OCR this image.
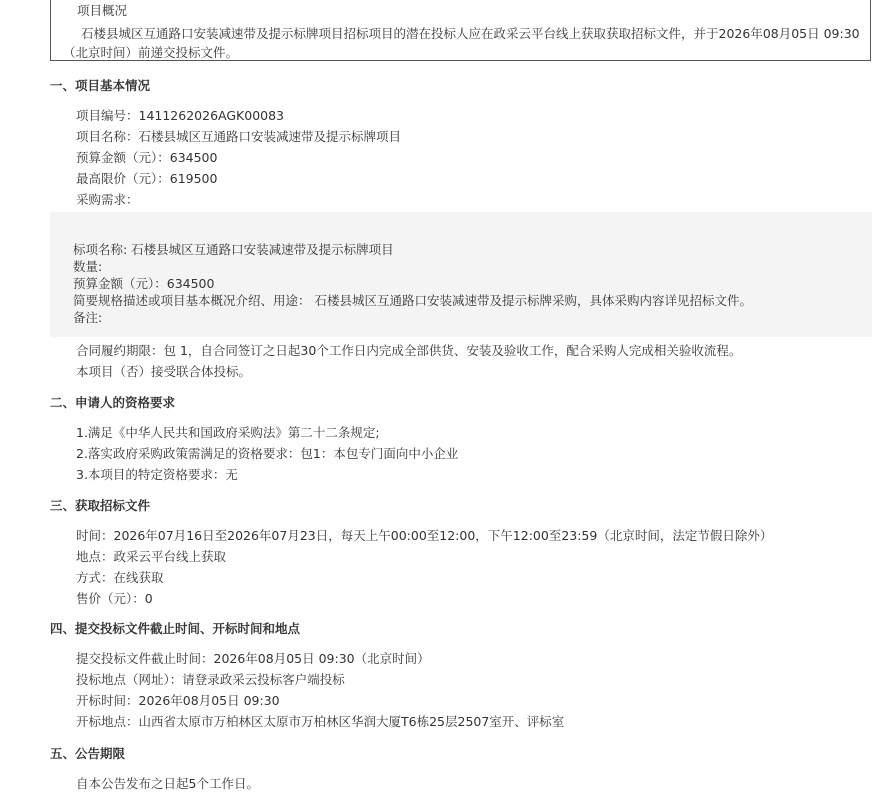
项目概况
石楼县城区互通路口安装减速带及提示标牌项目招标项目的潜在投标人应在政采云平台线上获取获取招标文件，并于2026年08月05日 09:30（北京时间）前递交投标文件。
一、项目基本情况
项目编号：1411262026AGK00083
项目名称：石楼县城区互通路口安装减速带及提示标牌项目
预算金额（元）：634500
最高限价（元）：619500
采购需求：
标项名称: 石楼县城区互通路口安装减速带及提示标牌项目
数量:
预算金额（元）：634500
简要规格描述或项目基本概况介绍、用途： 石楼县城区互通路口安装减速带及提示标牌采购，具体采购内容详见招标文件。
备注:
合同履约期限：包 1，自合同签订之日起30个工作日内完成全部供货、安装及验收工作，配合采购人完成相关验收流程。
本项目（否）接受联合体投标。
二、申请人的资格要求
1.满足《中华人民共和国政府采购法》第二十二条规定;
2.落实政府采购政策需满足的资格要求：包1：本包专门面向中小企业
3.本项目的特定资格要求：无
三、获取招标文件
时间：2026年07月16日至2026年07月23日，每天上午00:00至12:00，下午12:00至23:59（北京时间，法定节假日除外）
地点：政采云平台线上获取
方式：在线获取
售价（元）：0
四、提交投标文件截止时间、开标时间和地点
提交投标文件截止时间：2026年08月05日 09:30（北京时间）
投标地点（网址）：请登录政采云投标客户端投标
开标时间：2026年08月05日 09:30
开标地点：山西省太原市万柏林区太原市万柏林区华润大厦T6栋25层2507室开、评标室
五、公告期限
自本公告发布之日起5个工作日。
